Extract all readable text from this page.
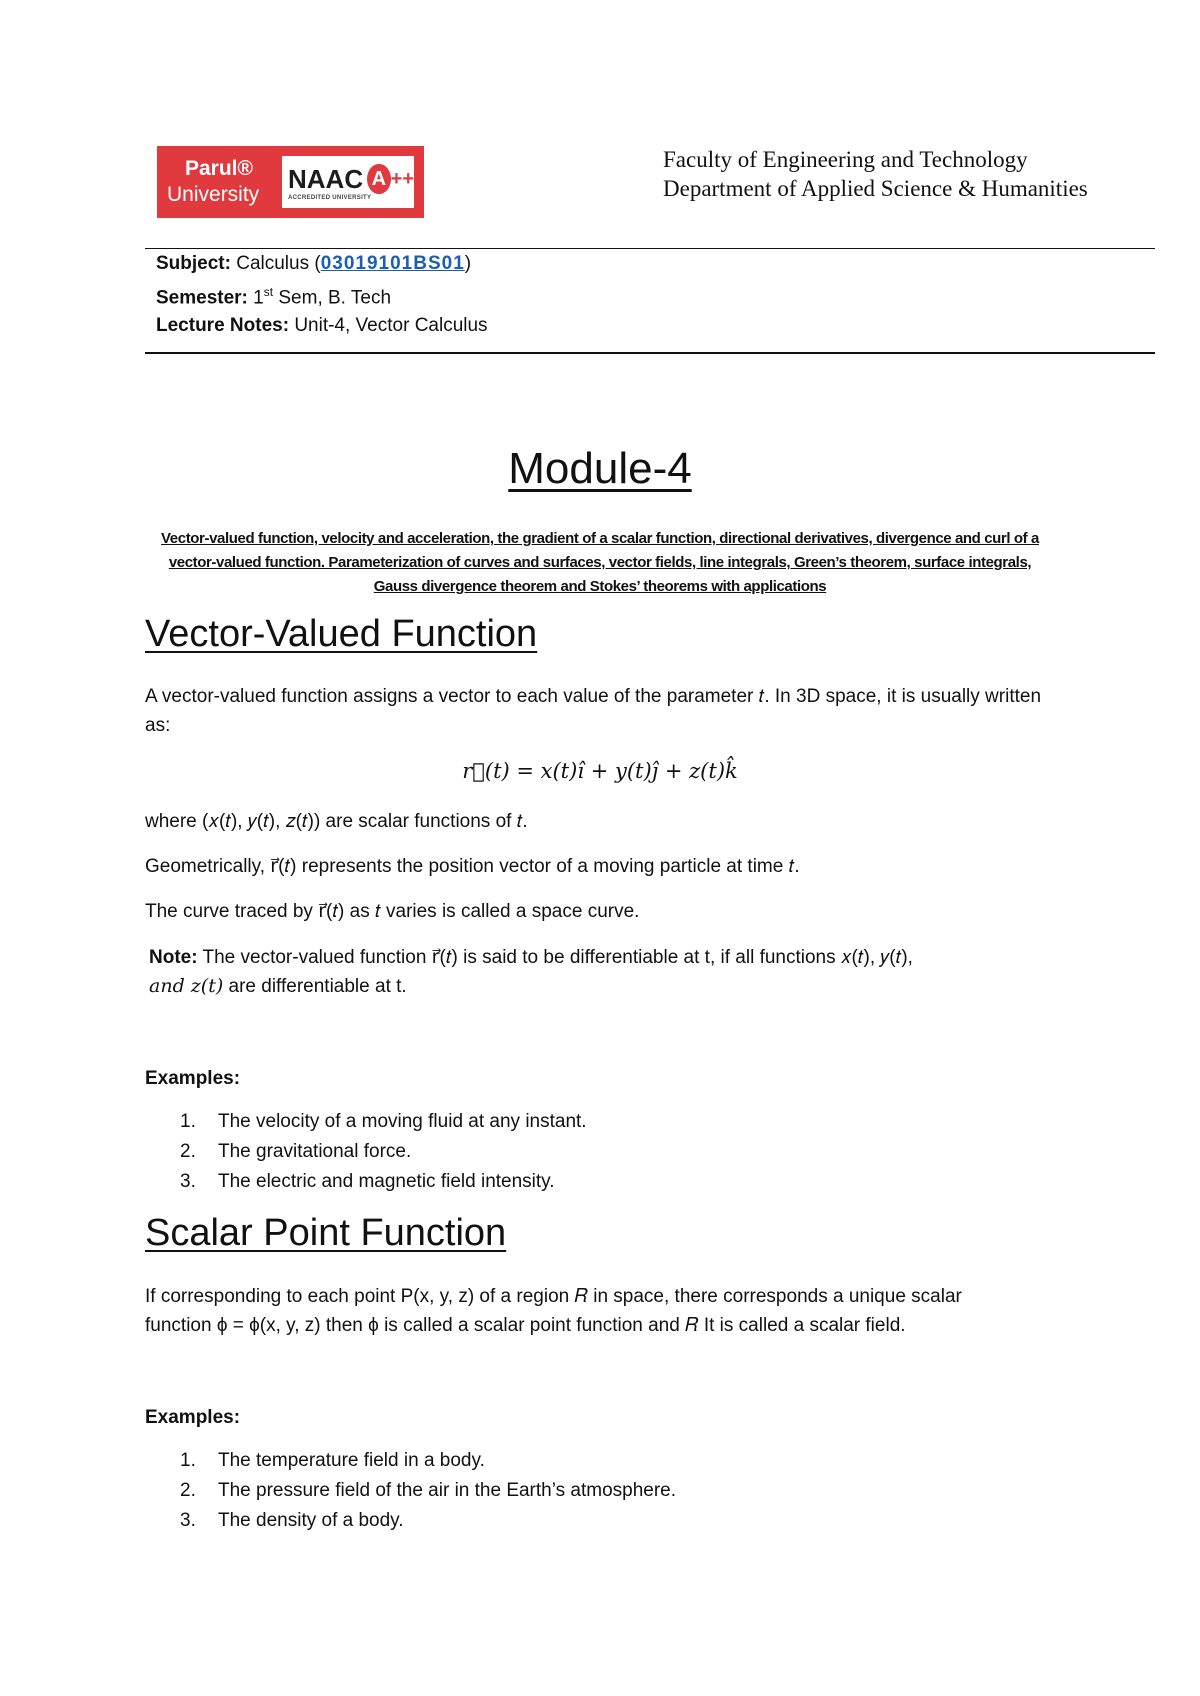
Parul®
University
NAAC A ++
ACCREDITED UNIVERSITY
Faculty of Engineering and Technology
Department of Applied Science & Humanities
Subject: Calculus (03019101BS01)
Semester: 1st Sem, B. Tech
Lecture Notes: Unit-4, Vector Calculus
Module-4
Vector-valued function, velocity and acceleration, the gradient of a scalar function, directional derivatives, divergence and curl of a vector-valued function. Parameterization of curves and surfaces, vector fields, line integrals, Green’s theorem, surface integrals, Gauss divergence theorem and Stokes’ theorems with applications
Vector-Valued Function
A vector-valued function assigns a vector to each value of the parameter 𝑡. In 3D space, it is usually written as:
r⃗(𝑡) = 𝑥(𝑡)î + 𝑦(𝑡)ĵ + 𝑧(𝑡)k̂
where (𝑥(𝑡), 𝑦(𝑡), 𝑧(𝑡)) are scalar functions of 𝑡.
Geometrically, r⃗(𝑡) represents the position vector of a moving particle at time 𝑡.
The curve traced by r⃗(𝑡) as 𝑡 varies is called a space curve.
Note: The vector-valued function r⃗(𝑡) is said to be differentiable at t, if all functions 𝑥(𝑡), 𝑦(𝑡),
𝑎𝑛𝑑 𝑧(𝑡) are differentiable at t.
Examples:
1.	The velocity of a moving fluid at any instant.
2.	The gravitational force.
3.	The electric and magnetic field intensity.
Scalar Point Function
If corresponding to each point P(x, y, z) of a region 𝑅 in space, there corresponds a unique scalar
function ϕ = ϕ(x, y, z) then ϕ is called a scalar point function and 𝑅 It is called a scalar field.
Examples:
1.	The temperature field in a body.
2.	The pressure field of the air in the Earth’s atmosphere.
3.	The density of a body.
